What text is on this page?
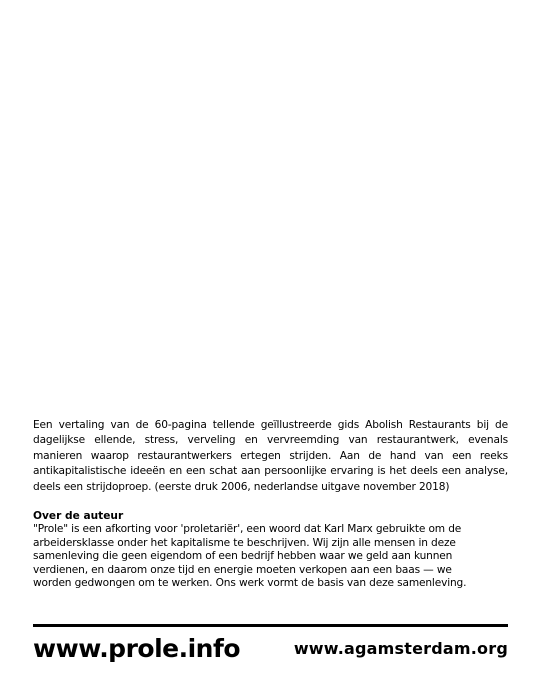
Een vertaling van de 60-pagina tellende geïllustreerde gids Abolish Restaurants bij de dagelijkse ellende, stress, verveling en vervreemding van restaurantwerk, evenals manieren waarop restaurantwerkers ertegen strijden. Aan de hand van een reeks antikapitalistische ideeën en een schat aan persoonlijke ervaring is het deels een analyse, deels een strijdoproep. (eerste druk 2006, nederlandse uitgave november 2018)

Over de auteur

"Prole" is een afkorting voor 'proletariër', een woord dat Karl Marx gebruikte om de arbeidersklasse onder het kapitalisme te beschrijven. Wij zijn alle mensen in deze samenleving die geen eigendom of een bedrijf hebben waar we geld aan kunnen verdienen, en daarom onze tijd en energie moeten verkopen aan een baas — we worden gedwongen om te werken. Ons werk vormt de basis van deze samenleving.

www.prole.info	www.agamsterdam.org
